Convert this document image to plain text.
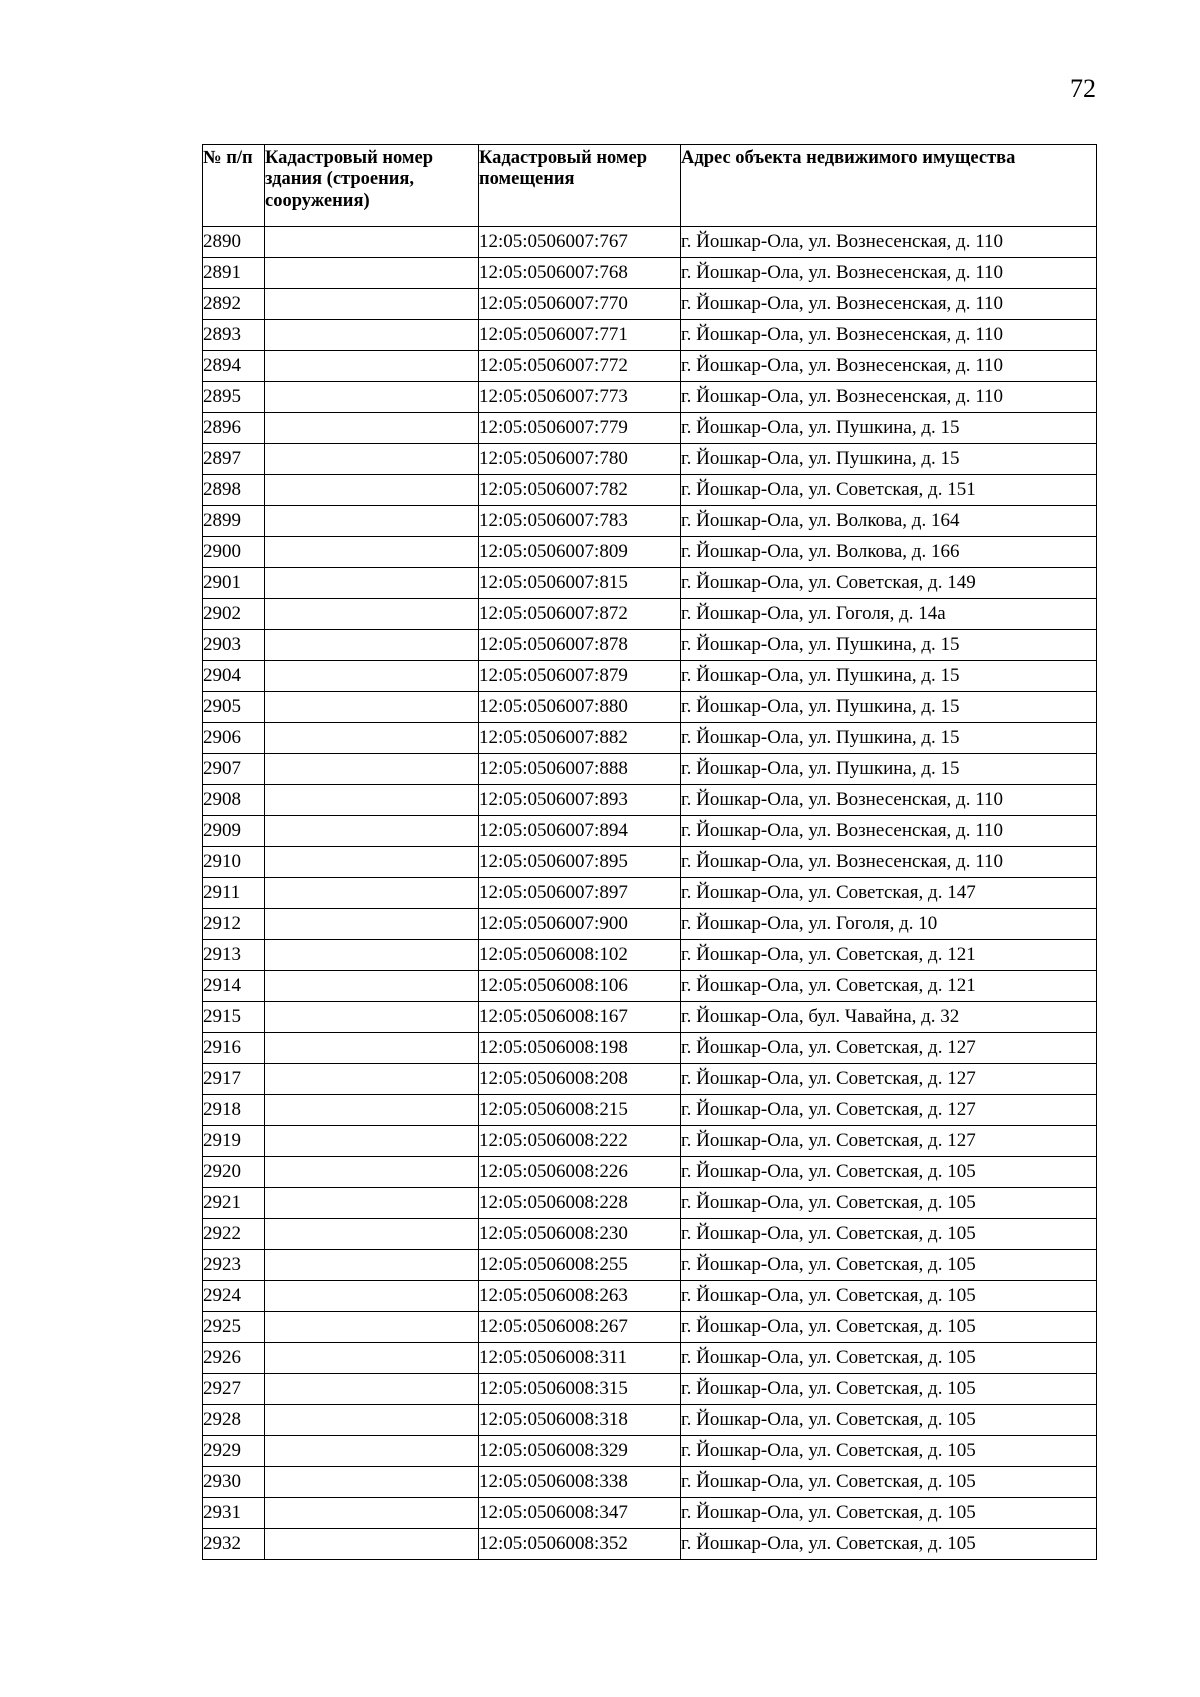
72
№ п/п	Кадастровый номер здания (строения, сооружения)	Кадастровый номер помещения	Адрес объекта недвижимого имущества
2890		12:05:0506007:767	г. Йошкар-Ола, ул. Вознесенская, д. 110
2891		12:05:0506007:768	г. Йошкар-Ола, ул. Вознесенская, д. 110
2892		12:05:0506007:770	г. Йошкар-Ола, ул. Вознесенская, д. 110
2893		12:05:0506007:771	г. Йошкар-Ола, ул. Вознесенская, д. 110
2894		12:05:0506007:772	г. Йошкар-Ола, ул. Вознесенская, д. 110
2895		12:05:0506007:773	г. Йошкар-Ола, ул. Вознесенская, д. 110
2896		12:05:0506007:779	г. Йошкар-Ола, ул. Пушкина, д. 15
2897		12:05:0506007:780	г. Йошкар-Ола, ул. Пушкина, д. 15
2898		12:05:0506007:782	г. Йошкар-Ола, ул. Советская, д. 151
2899		12:05:0506007:783	г. Йошкар-Ола, ул. Волкова, д. 164
2900		12:05:0506007:809	г. Йошкар-Ола, ул. Волкова, д. 166
2901		12:05:0506007:815	г. Йошкар-Ола, ул. Советская, д. 149
2902		12:05:0506007:872	г. Йошкар-Ола, ул. Гоголя, д. 14а
2903		12:05:0506007:878	г. Йошкар-Ола, ул. Пушкина, д. 15
2904		12:05:0506007:879	г. Йошкар-Ола, ул. Пушкина, д. 15
2905		12:05:0506007:880	г. Йошкар-Ола, ул. Пушкина, д. 15
2906		12:05:0506007:882	г. Йошкар-Ола, ул. Пушкина, д. 15
2907		12:05:0506007:888	г. Йошкар-Ола, ул. Пушкина, д. 15
2908		12:05:0506007:893	г. Йошкар-Ола, ул. Вознесенская, д. 110
2909		12:05:0506007:894	г. Йошкар-Ола, ул. Вознесенская, д. 110
2910		12:05:0506007:895	г. Йошкар-Ола, ул. Вознесенская, д. 110
2911		12:05:0506007:897	г. Йошкар-Ола, ул. Советская, д. 147
2912		12:05:0506007:900	г. Йошкар-Ола, ул. Гоголя, д. 10
2913		12:05:0506008:102	г. Йошкар-Ола, ул. Советская, д. 121
2914		12:05:0506008:106	г. Йошкар-Ола, ул. Советская, д. 121
2915		12:05:0506008:167	г. Йошкар-Ола, бул. Чавайна, д. 32
2916		12:05:0506008:198	г. Йошкар-Ола, ул. Советская, д. 127
2917		12:05:0506008:208	г. Йошкар-Ола, ул. Советская, д. 127
2918		12:05:0506008:215	г. Йошкар-Ола, ул. Советская, д. 127
2919		12:05:0506008:222	г. Йошкар-Ола, ул. Советская, д. 127
2920		12:05:0506008:226	г. Йошкар-Ола, ул. Советская, д. 105
2921		12:05:0506008:228	г. Йошкар-Ола, ул. Советская, д. 105
2922		12:05:0506008:230	г. Йошкар-Ола, ул. Советская, д. 105
2923		12:05:0506008:255	г. Йошкар-Ола, ул. Советская, д. 105
2924		12:05:0506008:263	г. Йошкар-Ола, ул. Советская, д. 105
2925		12:05:0506008:267	г. Йошкар-Ола, ул. Советская, д. 105
2926		12:05:0506008:311	г. Йошкар-Ола, ул. Советская, д. 105
2927		12:05:0506008:315	г. Йошкар-Ола, ул. Советская, д. 105
2928		12:05:0506008:318	г. Йошкар-Ола, ул. Советская, д. 105
2929		12:05:0506008:329	г. Йошкар-Ола, ул. Советская, д. 105
2930		12:05:0506008:338	г. Йошкар-Ола, ул. Советская, д. 105
2931		12:05:0506008:347	г. Йошкар-Ола, ул. Советская, д. 105
2932		12:05:0506008:352	г. Йошкар-Ола, ул. Советская, д. 105
